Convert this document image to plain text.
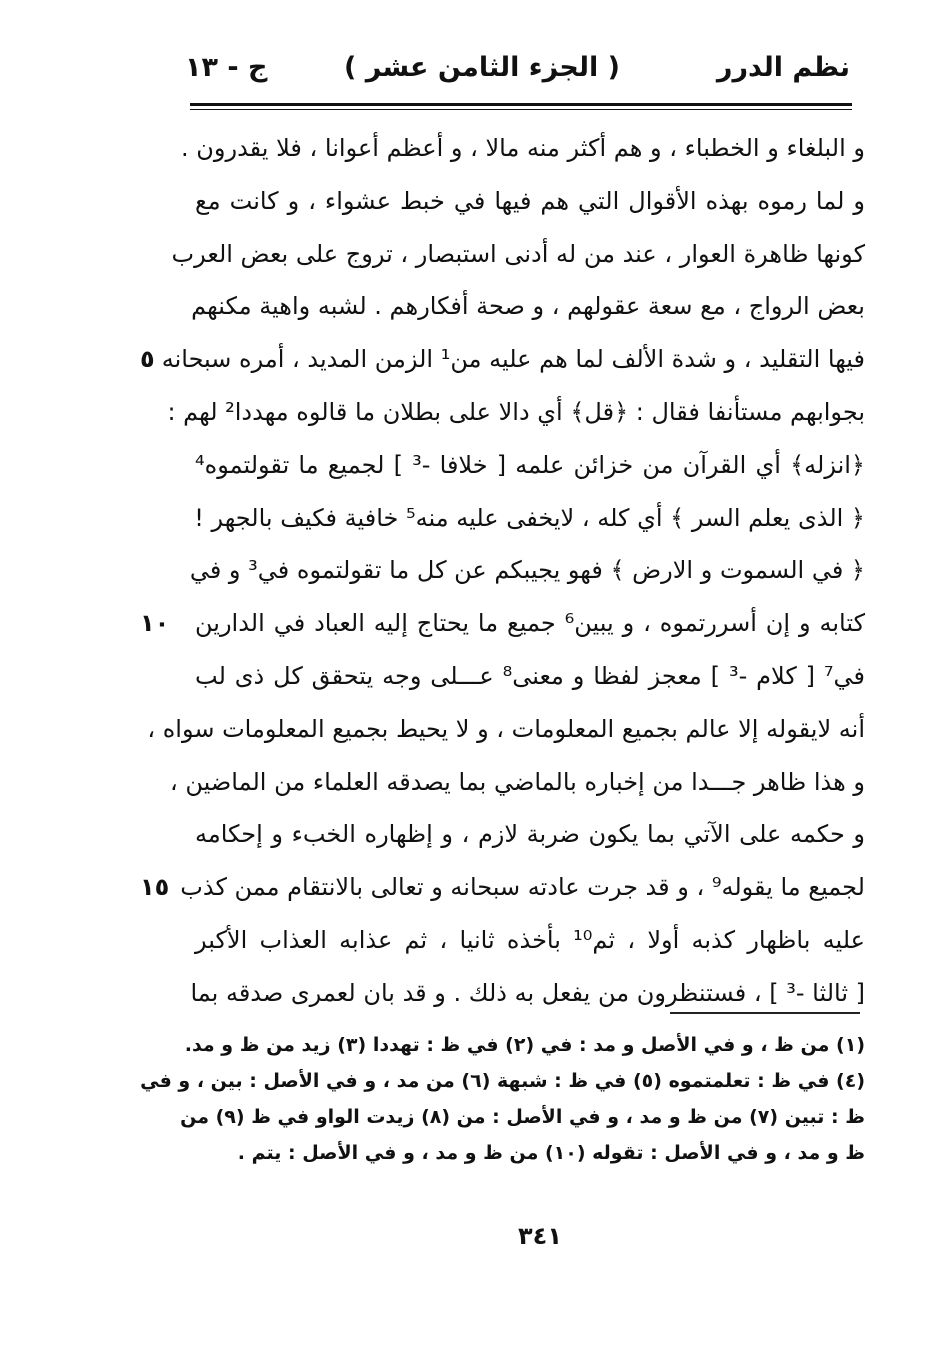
نظم الدرر
( الجزء الثامن عشر )
ج - ١٣
و البلغاء و الخطباء ، و هم أكثر منه مالا ، و أعظم أعوانا ، فلا يقدرون .
و لما رموه بهذه الأقوال التي هم فيها في خبط عشواء ، و كانت مع
كونها ظاهرة العوار ، عند من له أدنى استبصار ، تروج على بعض العرب
بعض الرواج ، مع سعة عقولهم ، و صحة أفكارهم . لشبه واهية مكنهم
فيها التقليد ، و شدة الألف لما هم عليه من¹ الزمن المديد ، أمره سبحانه
٥
بجوابهم مستأنفا فقال : ﴿قل﴾ أي دالا على بطلان ما قالوه مهددا² لهم :
﴿انزله﴾ أي القرآن من خزائن علمه [ خلافا -³ ] لجميع ما تقولتموه⁴
﴿ الذى يعلم السر ﴾ أي كله ، لايخفى عليه منه⁵ خافية فكيف بالجهر !
﴿ في السموت و الارض ﴾ فهو يجيبكم عن كل ما تقولتموه في³ و في
كتابه و إن أسررتموه ، و يبين⁶ جميع ما يحتاج إليه العباد في الدارين
١٠
في⁷ [ كلام -³ ] معجز لفظا و معنى⁸ عـــلى وجه يتحقق كل ذى لب
أنه لايقوله إلا عالم بجميع المعلومات ، و لا يحيط بجميع المعلومات سواه ،
و هذا ظاهر جـــدا من إخباره بالماضي بما يصدقه العلماء من الماضين ،
و حكمه على الآتي بما يكون ضربة لازم ، و إظهاره الخبء و إحكامه
لجميع ما يقوله⁹ ، و قد جرت عادته سبحانه و تعالى بالانتقام ممن كذب
١٥
عليه باظهار كذبه أولا ، ثم¹⁰ بأخذه ثانيا ، ثم عذابه العذاب الأكبر
[ ثالثا -³ ] ، فستنظرون من يفعل به ذلك . و قد بان لعمرى صدقه بما
(١) من ظ ، و في الأصل و مد : في (٢) في ظ : تهددا (٣) زيد من ظ و مد.
(٤) في ظ : تعلمتموه (٥) في ظ : شبهة (٦) من مد ، و في الأصل : بين ، و في
ظ : تبين (٧) من ظ و مد ، و في الأصل : من (٨) زيدت الواو في ظ (٩) من
ظ و مد ، و في الأصل : تقوله (١٠) من ظ و مد ، و في الأصل : يتم .
٣٤١
